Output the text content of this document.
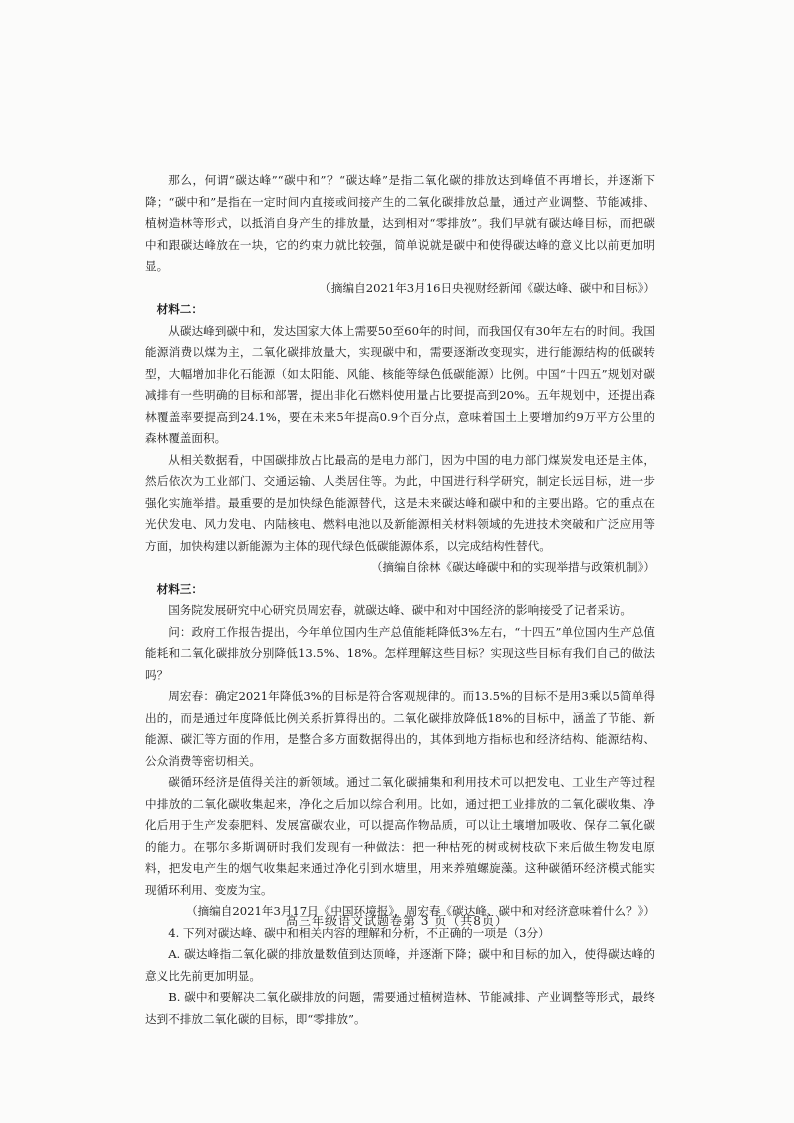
那么，何谓“碳达峰”“碳中和”？“碳达峰”是指二氧化碳的排放达到峰值不再增长，并逐渐下降；“碳中和”是指在一定时间内直接或间接产生的二氧化碳排放总量，通过产业调整、节能减排、植树造林等形式，以抵消自身产生的排放量，达到相对“零排放”。我们早就有碳达峰目标，而把碳中和跟碳达峰放在一块，它的约束力就比较强，简单说就是碳中和使得碳达峰的意义比以前更加明显。

（摘编自2021年3月16日央视财经新闻《碳达峰、碳中和目标》）

材料二：

从碳达峰到碳中和，发达国家大体上需要50至60年的时间，而我国仅有30年左右的时间。我国能源消费以煤为主，二氧化碳排放量大，实现碳中和，需要逐渐改变现实，进行能源结构的低碳转型，大幅增加非化石能源（如太阳能、风能、核能等绿色低碳能源）比例。中国“十四五”规划对碳减排有一些明确的目标和部署，提出非化石燃料使用量占比要提高到20%。五年规划中，还提出森林覆盖率要提高到24.1%，要在未来5年提高0.9个百分点，意味着国土上要增加约9万平方公里的森林覆盖面积。

从相关数据看，中国碳排放占比最高的是电力部门，因为中国的电力部门煤炭发电还是主体，然后依次为工业部门、交通运输、人类居住等。为此，中国进行科学研究，制定长远目标，进一步强化实施举措。最重要的是加快绿色能源替代，这是未来碳达峰和碳中和的主要出路。它的重点在光伏发电、风力发电、内陆核电、燃料电池以及新能源相关材料领域的先进技术突破和广泛应用等方面，加快构建以新能源为主体的现代绿色低碳能源体系，以完成结构性替代。

（摘编自徐林《碳达峰碳中和的实现举措与政策机制》）

材料三：

国务院发展研究中心研究员周宏春，就碳达峰、碳中和对中国经济的影响接受了记者采访。

问：政府工作报告提出，今年单位国内生产总值能耗降低3%左右，“十四五”单位国内生产总值能耗和二氧化碳排放分别降低13.5%、18%。怎样理解这些目标？实现这些目标有我们自己的做法吗？

周宏春：确定2021年降低3%的目标是符合客观规律的。而13.5%的目标不是用3乘以5简单得出的，而是通过年度降低比例关系折算得出的。二氧化碳排放降低18%的目标中，涵盖了节能、新能源、碳汇等方面的作用，是整合多方面数据得出的，其体到地方指标也和经济结构、能源结构、公众消费等密切相关。

碳循环经济是值得关注的新领域。通过二氧化碳捕集和利用技术可以把发电、工业生产等过程中排放的二氧化碳收集起来，净化之后加以综合利用。比如，通过把工业排放的二氧化碳收集、净化后用于生产发泰肥料、发展富碳农业，可以提高作物品质，可以让土壤增加吸收、保存二氧化碳的能力。在鄂尔多斯调研时我们发现有一种做法：把一种枯死的树或树枝砍下来后做生物发电原料，把发电产生的烟气收集起来通过净化引到水塘里，用来养殖螺旋藻。这种碳循环经济模式能实现循环利用、变废为宝。

（摘编自2021年3月17日《中国环境报》，周宏春《碳达峰、碳中和对经济意味着什么？》）

4. 下列对碳达峰、碳中和相关内容的理解和分析，不正确的一项是（3分）

A. 碳达峰指二氧化碳的排放量数值到达顶峰，并逐渐下降；碳中和目标的加入，使得碳达峰的意义比先前更加明显。

B. 碳中和要解决二氧化碳排放的问题，需要通过植树造林、节能减排、产业调整等形式，最终达到不排放二氧化碳的目标，即“零排放”。

高三年级语文试题卷第 3 页（共8页）
